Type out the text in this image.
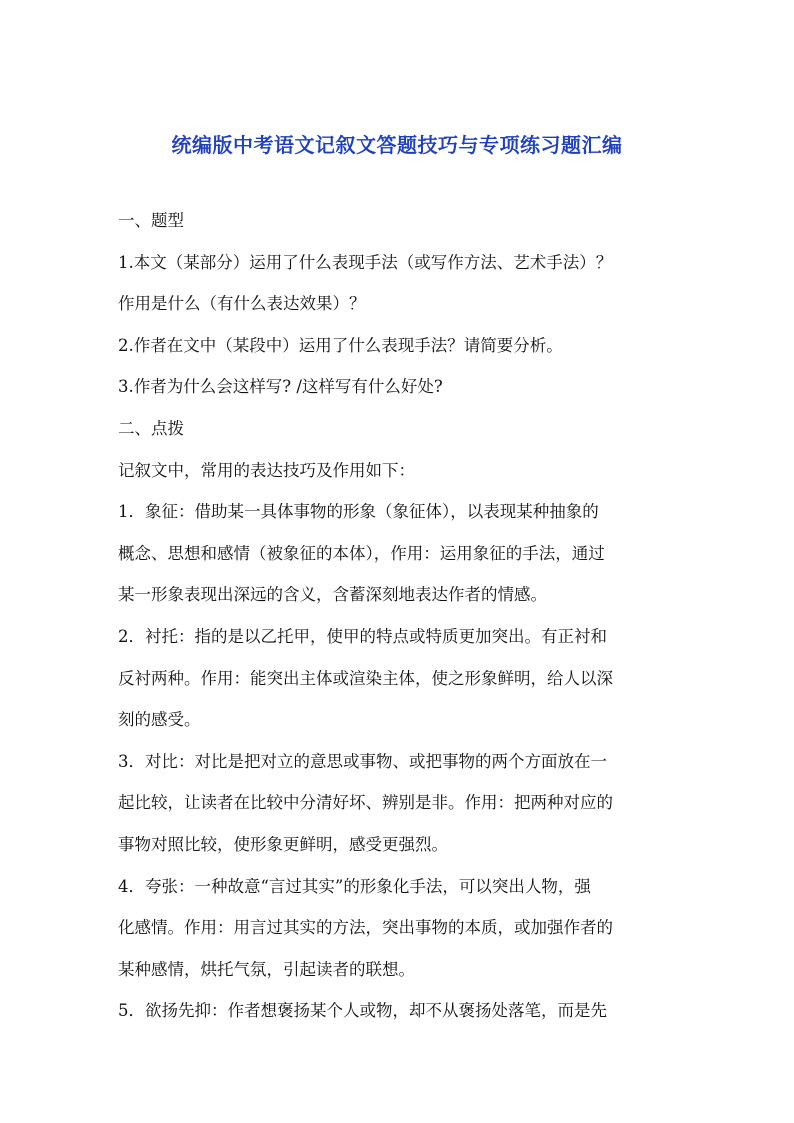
统编版中考语文记叙文答题技巧与专项练习题汇编
一、题型
1.本文（某部分）运用了什么表现手法（或写作方法、艺术手法）？
作用是什么（有什么表达效果）？
2.作者在文中（某段中）运用了什么表现手法？请简要分析。
3.作者为什么会这样写? /这样写有什么好处?
二、点拨
记叙文中，常用的表达技巧及作用如下：
1．象征：借助某一具体事物的形象（象征体），以表现某种抽象的
概念、思想和感情（被象征的本体），作用：运用象征的手法，通过
某一形象表现出深远的含义，含蓄深刻地表达作者的情感。
2．衬托：指的是以乙托甲，使甲的特点或特质更加突出。有正衬和
反衬两种。作用：能突出主体或渲染主体，使之形象鲜明，给人以深
刻的感受。
3．对比：对比是把对立的意思或事物、或把事物的两个方面放在一
起比较，让读者在比较中分清好坏、辨别是非。作用：把两种对应的
事物对照比较，使形象更鲜明，感受更强烈。
4．夸张：一种故意“言过其实”的形象化手法，可以突出人物，强
化感情。作用：用言过其实的方法，突出事物的本质，或加强作者的
某种感情，烘托气氛，引起读者的联想。
5．欲扬先抑：作者想褒扬某个人或物，却不从褒扬处落笔，而是先
